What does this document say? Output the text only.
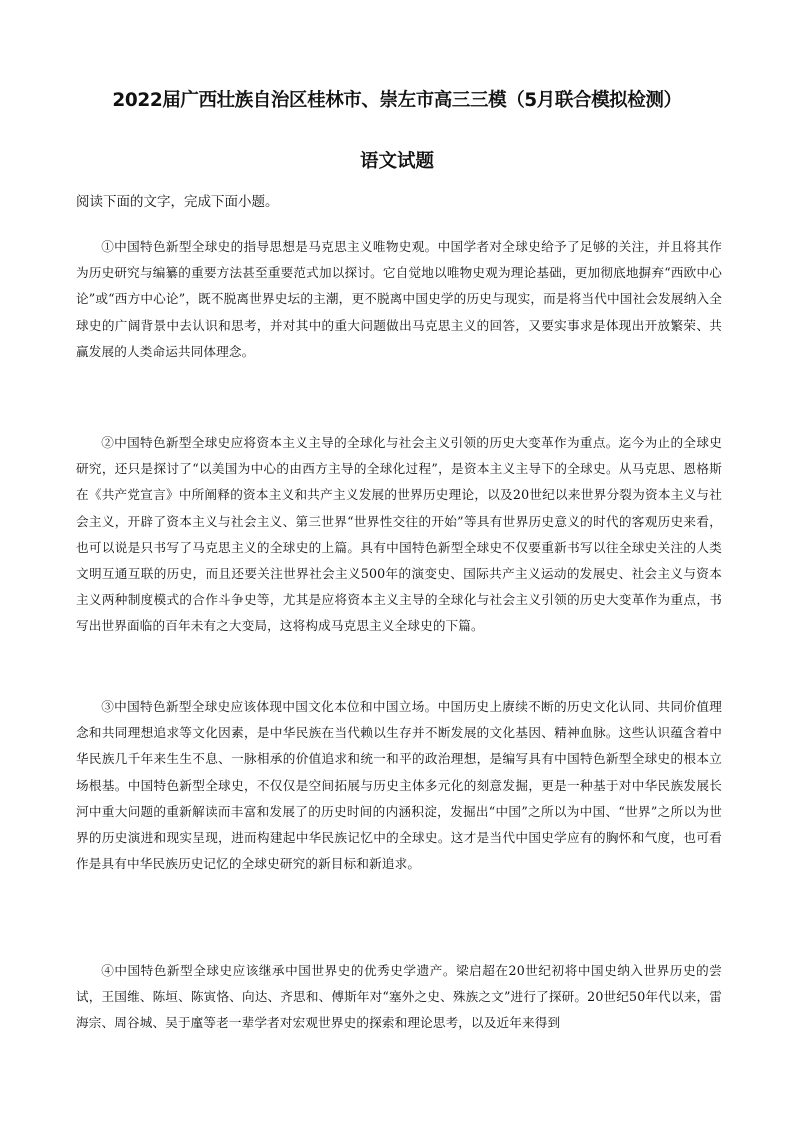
2022届广西壮族自治区桂林市、崇左市高三三模（5月联合模拟检测）
语文试题

阅读下面的文字，完成下面小题。

①中国特色新型全球史的指导思想是马克思主义唯物史观。中国学者对全球史给予了足够的关注，并且将其作为历史研究与编纂的重要方法甚至重要范式加以探讨。它自觉地以唯物史观为理论基础，更加彻底地摒弃“西欧中心论”或“西方中心论”，既不脱离世界史坛的主潮，更不脱离中国史学的历史与现实，而是将当代中国社会发展纳入全球史的广阔背景中去认识和思考，并对其中的重大问题做出马克思主义的回答，又要实事求是体现出开放繁荣、共赢发展的人类命运共同体理念。

②中国特色新型全球史应将资本主义主导的全球化与社会主义引领的历史大变革作为重点。迄今为止的全球史研究，还只是探讨了“以美国为中心的由西方主导的全球化过程”，是资本主义主导下的全球史。从马克思、恩格斯在《共产党宣言》中所阐释的资本主义和共产主义发展的世界历史理论，以及20世纪以来世界分裂为资本主义与社会主义，开辟了资本主义与社会主义、第三世界“世界性交往的开始”等具有世界历史意义的时代的客观历史来看，也可以说是只书写了马克思主义的全球史的上篇。具有中国特色新型全球史不仅要重新书写以往全球史关注的人类文明互通互联的历史，而且还要关注世界社会主义500年的演变史、国际共产主义运动的发展史、社会主义与资本主义两种制度模式的合作斗争史等，尤其是应将资本主义主导的全球化与社会主义引领的历史大变革作为重点，书写出世界面临的百年未有之大变局，这将构成马克思主义全球史的下篇。

③中国特色新型全球史应该体现中国文化本位和中国立场。中国历史上赓续不断的历史文化认同、共同价值理念和共同理想追求等文化因素，是中华民族在当代赖以生存并不断发展的文化基因、精神血脉。这些认识蕴含着中华民族几千年来生生不息、一脉相承的价值追求和统一和平的政治理想，是编写具有中国特色新型全球史的根本立场根基。中国特色新型全球史，不仅仅是空间拓展与历史主体多元化的刻意发掘，更是一种基于对中华民族发展长河中重大问题的重新解读而丰富和发展了的历史时间的内涵积淀，发掘出“中国”之所以为中国、“世界”之所以为世界的历史演进和现实呈现，进而构建起中华民族记忆中的全球史。这才是当代中国史学应有的胸怀和气度，也可看作是具有中华民族历史记忆的全球史研究的新目标和新追求。

④中国特色新型全球史应该继承中国世界史的优秀史学遗产。梁启超在20世纪初将中国史纳入世界历史的尝试，王国维、陈垣、陈寅恪、向达、齐思和、傅斯年对“塞外之史、殊族之文”进行了探研。20世纪50年代以来，雷海宗、周谷城、吴于廑等老一辈学者对宏观世界史的探索和理论思考，以及近年来得到
